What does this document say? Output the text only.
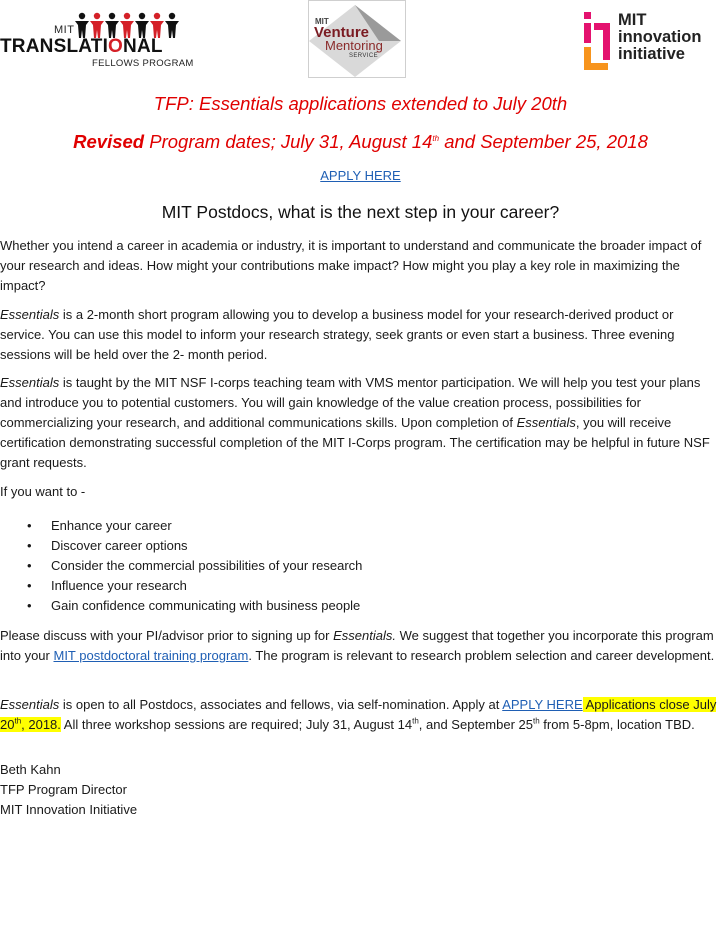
MIT
TRANSLATIONAL
FELLOWS PROGRAM
MIT
Venture
Mentoring
SERVICE
MIT
innovation
initiative
TFP: Essentials applications extended to July 20th
Revised Program dates; July 31, August 14th and September 25, 2018
APPLY HERE
MIT Postdocs, what is the next step in your career?
Whether you intend a career in academia or industry, it is important to understand and communicate the broader impact of your research and ideas. How might your contributions make impact? How might you play a key role in maximizing the impact?
Essentials is a 2-month short program allowing you to develop a business model for your research-derived product or service. You can use this model to inform your research strategy, seek grants or even start a business. Three evening sessions will be held over the 2- month period.
Essentials is taught by the MIT NSF I-corps teaching team with VMS mentor participation. We will help you test your plans and introduce you to potential customers. You will gain knowledge of the value creation process, possibilities for commercializing your research, and additional communications skills. Upon completion of Essentials, you will receive certification demonstrating successful completion of the MIT I-Corps program. The certification may be helpful in future NSF grant requests.
If you want to -
• Enhance your career
• Discover career options
• Consider the commercial possibilities of your research
• Influence your research
• Gain confidence communicating with business people
Please discuss with your PI/advisor prior to signing up for Essentials. We suggest that together you incorporate this program into your MIT postdoctoral training program. The program is relevant to research problem selection and career development.
Essentials is open to all Postdocs, associates and fellows, via self-nomination. Apply at APPLY HERE Applications close July 20th, 2018. All three workshop sessions are required; July 31, August 14th, and September 25th from 5-8pm, location TBD.
Beth Kahn
TFP Program Director
MIT Innovation Initiative
